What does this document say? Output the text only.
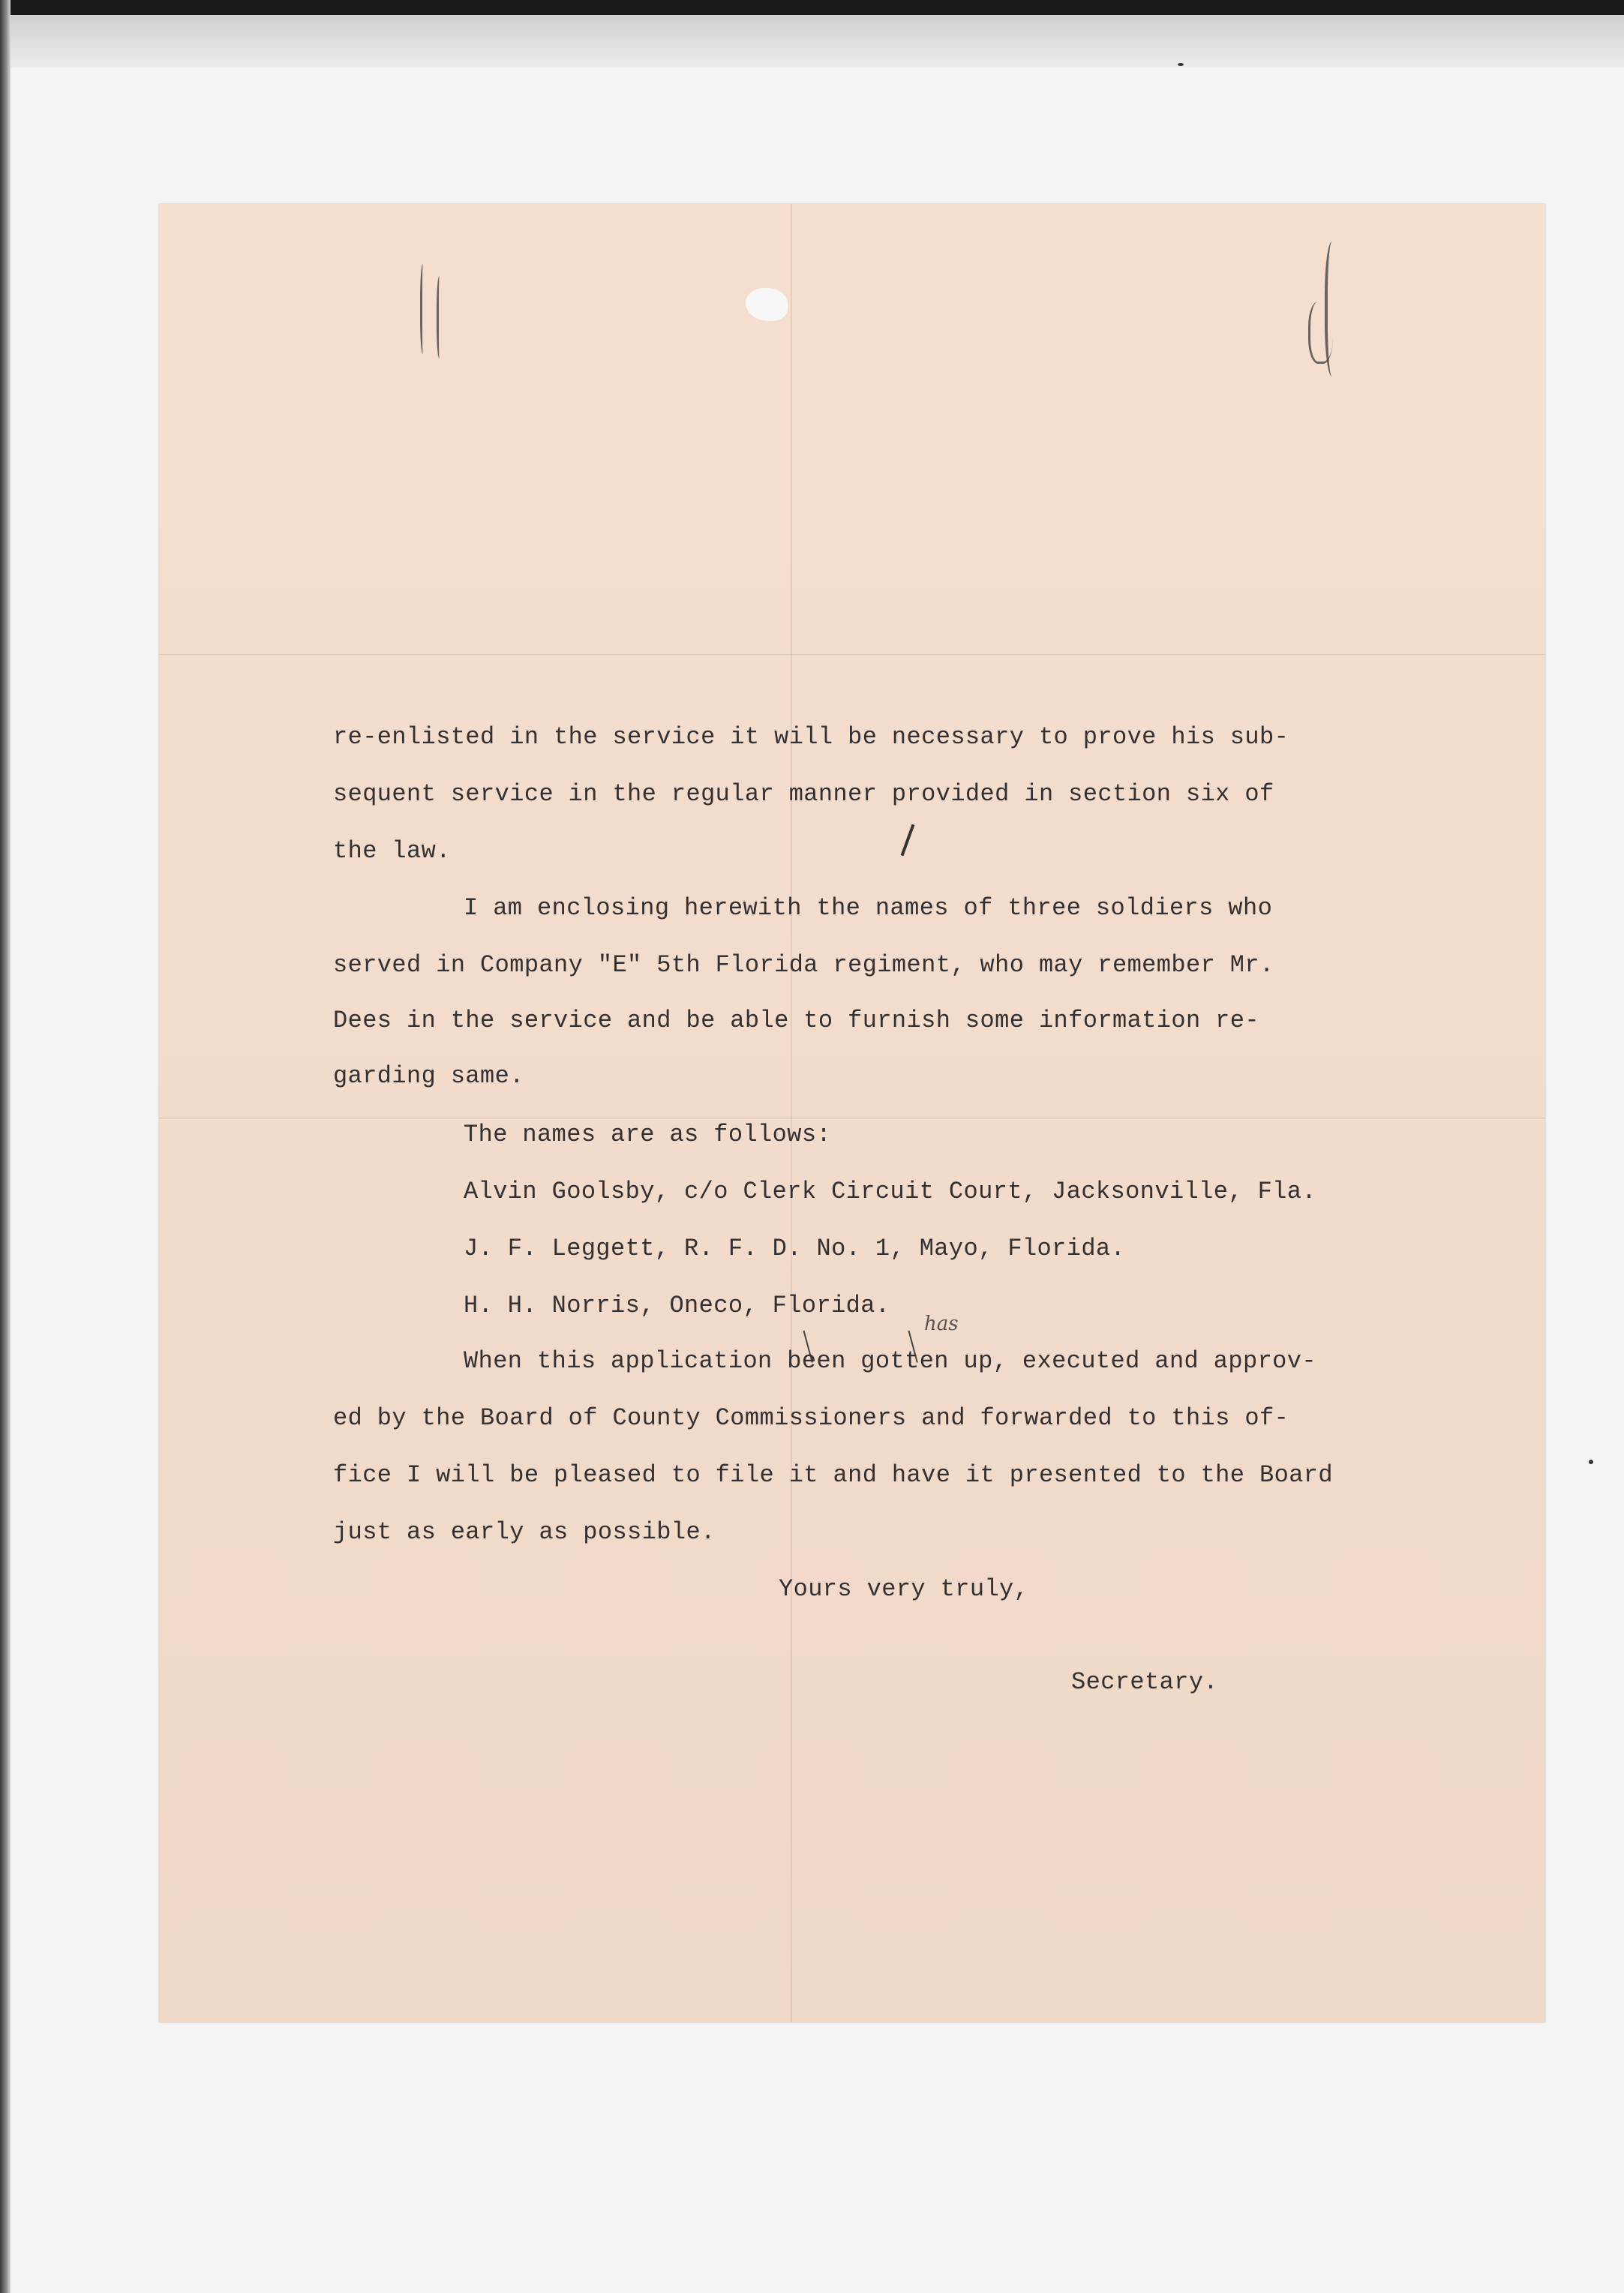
re-enlisted in the service it will be necessary to prove his sub-

sequent service in the regular manner provided in section six of

the law.

I am enclosing herewith the names of three soldiers who

served in Company "E" 5th Florida regiment, who may remember Mr.

Dees in the service and be able to furnish some information re-

garding same.

The names are as follows:

Alvin Goolsby, c/o Clerk Circuit Court, Jacksonville, Fla.

J. F. Leggett, R. F. D. No. 1, Mayo, Florida.

H. H. Norris, Oneco, Florida.

has

When this application been gotten up, executed and approv-

ed by the Board of County Commissioners and forwarded to this of-

fice I will be pleased to file it and have it presented to the Board

just as early as possible.

Yours very truly,

Secretary.
